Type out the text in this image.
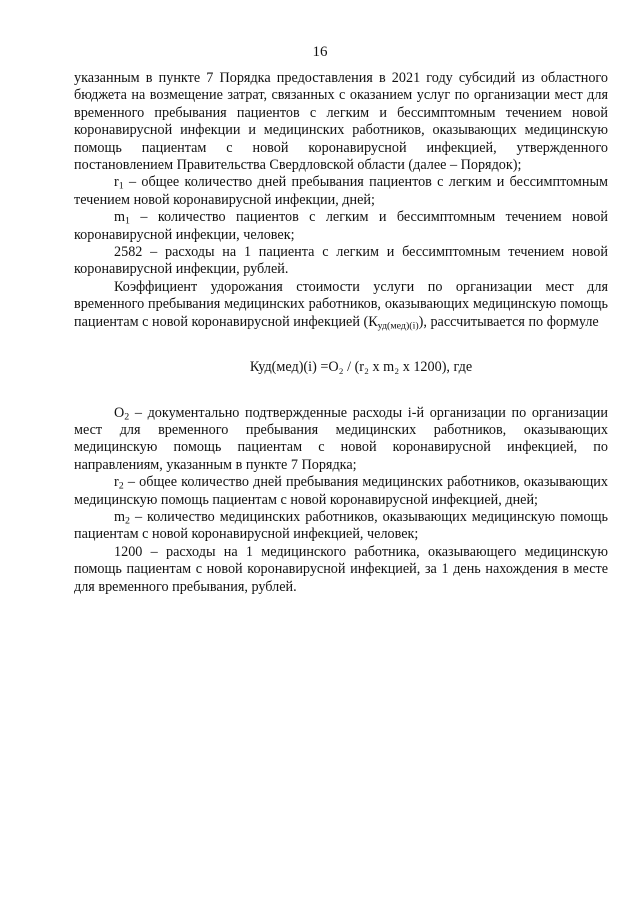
16

указанным в пункте 7 Порядка предоставления в 2021 году субсидий из областного бюджета на возмещение затрат, связанных с оказанием услуг по организации мест для временного пребывания пациентов с легким и бессимптомным течением новой коронавирусной инфекции и медицинских работников, оказывающих медицинскую помощь пациентам с новой коронавирусной инфекцией, утвержденного постановлением Правительства Свердловской области (далее – Порядок);

$r_1$ – общее количество дней пребывания пациентов с легким и бессимптомным течением новой коронавирусной инфекции, дней;

$m_1$ – количество пациентов с легким и бессимптомным течением новой коронавирусной инфекции, человек;

2582 – расходы на 1 пациента с легким и бессимптомным течением новой коронавирусной инфекции, рублей.

Коэффициент удорожания стоимости услуги по организации мест для временного пребывания медицинских работников, оказывающих медицинскую помощь пациентам с новой коронавирусной инфекцией $(К_{уд(мед)(i)})$, рассчитывается по формуле

Куд(мед)(i) =O₂ / (r₂ x m₂ x 1200), где

$O_2$ – документально подтвержденные расходы i-й организации по организации мест для временного пребывания медицинских работников, оказывающих медицинскую помощь пациентам с новой коронавирусной инфекцией, по направлениям, указанным в пункте 7 Порядка;

$r_2$ – общее количество дней пребывания медицинских работников, оказывающих медицинскую помощь пациентам с новой коронавирусной инфекцией, дней;

$m_2$ – количество медицинских работников, оказывающих медицинскую помощь пациентам с новой коронавирусной инфекцией, человек;

1200 – расходы на 1 медицинского работника, оказывающего медицинскую помощь пациентам с новой коронавирусной инфекцией, за 1 день нахождения в месте для временного пребывания, рублей.
